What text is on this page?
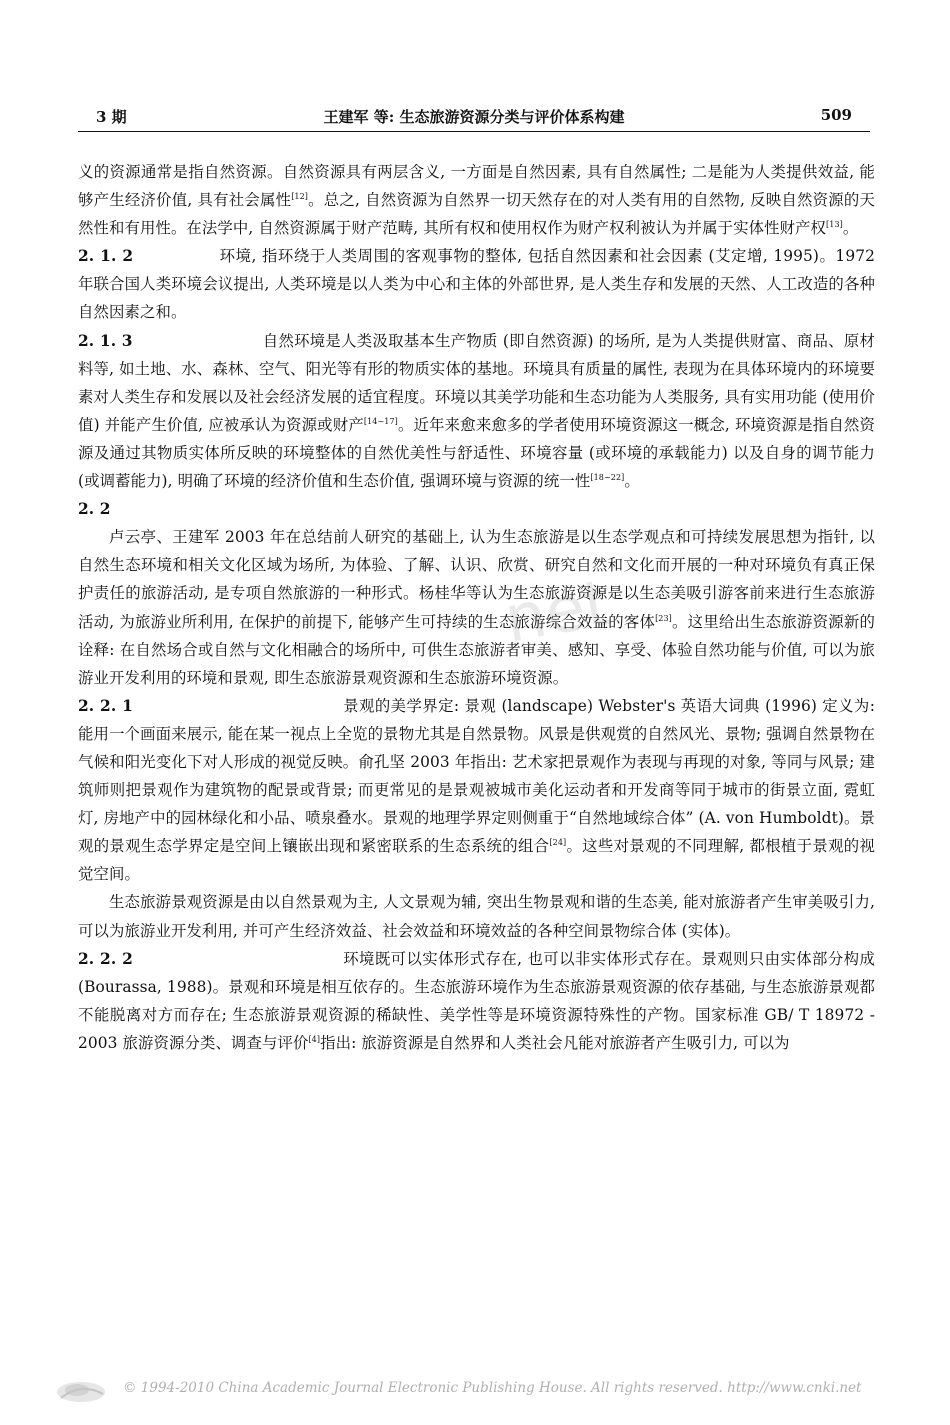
3 期	王建军 等: 生态旅游资源分类与评价体系构建	509
net

义的资源通常是指自然资源。自然资源具有两层含义, 一方面是自然因素, 具有自然属性; 二是能为人类提供效益, 能够产生经济价值, 具有社会属性[12]。总之, 自然资源为自然界一切天然存在的对人类有用的自然物, 反映自然资源的天然性和有用性。在法学中, 自然资源属于财产范畴, 其所有权和使用权作为财产权利被认为并属于实体性财产权[13]。

2. 1. 2	环境, 指环绕于人类周围的客观事物的整体, 包括自然因素和社会因素 (艾定增, 1995)。1972 年联合国人类环境会议提出, 人类环境是以人类为中心和主体的外部世界, 是人类生存和发展的天然、人工改造的各种自然因素之和。

2. 1. 3	自然环境是人类汲取基本生产物质 (即自然资源) 的场所, 是为人类提供财富、商品、原材料等, 如土地、水、森林、空气、阳光等有形的物质实体的基地。环境具有质量的属性, 表现为在具体环境内的环境要素对人类生存和发展以及社会经济发展的适宜程度。环境以其美学功能和生态功能为人类服务, 具有实用功能 (使用价值) 并能产生价值, 应被承认为资源或财产[14~17]。近年来愈来愈多的学者使用环境资源这一概念, 环境资源是指自然资源及通过其物质实体所反映的环境整体的自然优美性与舒适性、环境容量 (或环境的承载能力) 以及自身的调节能力 (或调蓄能力), 明确了环境的经济价值和生态价值, 强调环境与资源的统一性[18~22]。

2. 2

卢云亭、王建军 2003 年在总结前人研究的基础上, 认为生态旅游是以生态学观点和可持续发展思想为指针, 以自然生态环境和相关文化区域为场所, 为体验、了解、认识、欣赏、研究自然和文化而开展的一种对环境负有真正保护责任的旅游活动, 是专项自然旅游的一种形式。杨桂华等认为生态旅游资源是以生态美吸引游客前来进行生态旅游活动, 为旅游业所利用, 在保护的前提下, 能够产生可持续的生态旅游综合效益的客体[23]。这里给出生态旅游资源新的诠释: 在自然场合或自然与文化相融合的场所中, 可供生态旅游者审美、感知、享受、体验自然功能与价值, 可以为旅游业开发利用的环境和景观, 即生态旅游景观资源和生态旅游环境资源。

2. 2. 1	景观的美学界定: 景观 (landscape) Webster's 英语大词典 (1996) 定义为: 能用一个画面来展示, 能在某一视点上全览的景物尤其是自然景物。风景是供观赏的自然风光、景物; 强调自然景物在气候和阳光变化下对人形成的视觉反映。俞孔坚 2003 年指出: 艺术家把景观作为表现与再现的对象, 等同与风景; 建筑师则把景观作为建筑物的配景或背景; 而更常见的是景观被城市美化运动者和开发商等同于城市的街景立面, 霓虹灯, 房地产中的园林绿化和小品、喷泉叠水。景观的地理学界定则侧重于“自然地域综合体” (A. von Humboldt)。景观的景观生态学界定是空间上镶嵌出现和紧密联系的生态系统的组合[24]。这些对景观的不同理解, 都根植于景观的视觉空间。

生态旅游景观资源是由以自然景观为主, 人文景观为辅, 突出生物景观和谐的生态美, 能对旅游者产生审美吸引力, 可以为旅游业开发利用, 并可产生经济效益、社会效益和环境效益的各种空间景物综合体 (实体)。

2. 2. 2	环境既可以实体形式存在, 也可以非实体形式存在。景观则只由实体部分构成 (Bourassa, 1988)。景观和环境是相互依存的。生态旅游环境作为生态旅游景观资源的依存基础, 与生态旅游景观都不能脱离对方而存在; 生态旅游景观资源的稀缺性、美学性等是环境资源特殊性的产物。国家标准 GB/ T 18972 - 2003 旅游资源分类、调查与评价[4]指出: 旅游资源是自然界和人类社会凡能对旅游者产生吸引力, 可以为

© 1994-2010 China Academic Journal Electronic Publishing House. All rights reserved. http://www.cnki.net
